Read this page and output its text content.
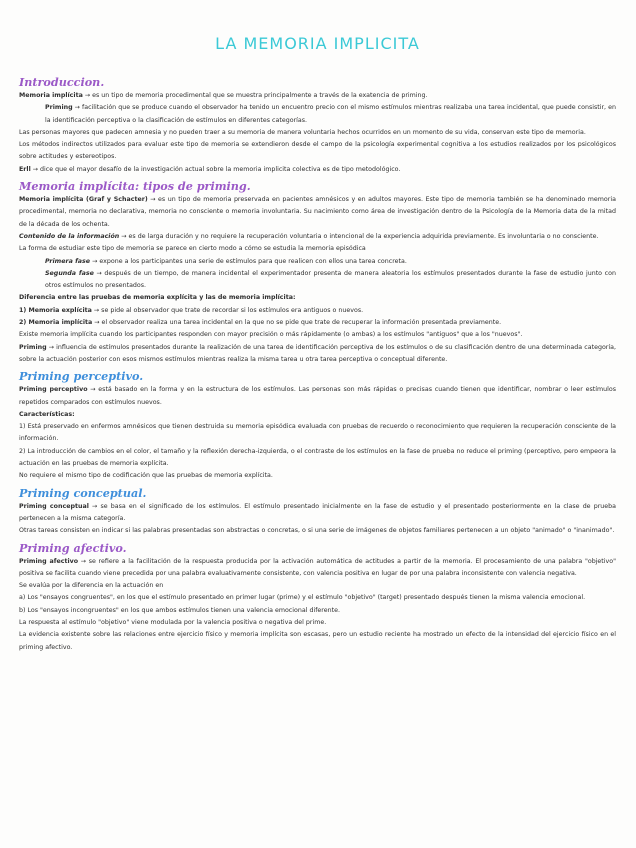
LA MEMORIA IMPLICITA
Introduccion.

Memoria implícita → es un tipo de memoria procedimental que se muestra principalmente a través de la exatencia de priming.

Priming → facilitación que se produce cuando el observador ha tenido un encuentro precio con el mismo estímulos mientras realizaba una tarea incidental, que puede consistir, en la identificación perceptiva o la clasificación de estímulos en diferentes categorías.

Las personas mayores que padecen amnesia y no pueden traer a su memoria de manera voluntaria hechos ocurridos en un momento de su vida, conservan este tipo de memoria.

Los métodos indirectos utilizados para evaluar este tipo de memoria se extendieron desde el campo de la psicología experimental cognitiva a los estudios realizados por los psicológicos sobre actitudes y estereotipos.

Erll → dice que el mayor desafío de la investigación actual sobre la memoria implicita colectiva es de tipo metodológico.

Memoria implícita: tipos de priming.

Memoria implícita (Graf y Schacter) → es un tipo de memoria preservada en pacientes amnésicos y en adultos mayores. Este tipo de memoria también se ha denominado memoria procedimental, memoria no declarativa, memoria no consciente o memoria involuntaria. Su nacimiento como área de investigación dentro de la Psicología de la Memoria data de la mitad de la década de los ochenta.

Contenido de la información → es de larga duración y no requiere la recuperación voluntaria o intencional de la experiencia adquirida previamente. Es involuntaria o no consciente.

La forma de estudiar este tipo de memoria se parece en cierto modo a cómo se estudia la memoria episódica

Primera fase → expone a los participantes una serie de estímulos para que realicen con ellos una tarea concreta.

Segunda fase → después de un tiempo, de manera incidental el experimentador presenta de manera aleatoria los estímulos presentados durante la fase de estudio junto con otros estímulos no presentados.

Diferencia entre las pruebas de memoria explícita y las de memoria implícita:

1) Memoria explícita → se pide al observador que trate de recordar si los estímulos era antiguos o nuevos.

2) Memoria implícita → el observador realiza una tarea incidental en la que no se pide que trate de recuperar la información presentada previamente.

Existe memoria implícita cuando los participantes responden con mayor precisión o más rápidamente (o ambas) a los estímulos "antiguos" que a los "nuevos".

Priming → influencia de estímulos presentados durante la realización de una tarea de identificación perceptiva de los estímulos o de su clasificación dentro de una determinada categoría, sobre la actuación posterior con esos mismos estímulos mientras realiza la misma tarea u otra tarea perceptiva o conceptual diferente.

Priming perceptivo.

Priming perceptivo → está basado en la forma y en la estructura de los estímulos. Las personas son más rápidas o precisas cuando tienen que identificar, nombrar o leer estímulos repetidos comparados con estímulos nuevos.

Características:

1) Está preservado en enfermos amnésicos que tienen destruida su memoria episódica evaluada con pruebas de recuerdo o reconocimiento que requieren la recuperación consciente de la información.

2) La introducción de cambios en el color, el tamaño y la reflexión derecha-izquierda, o el contraste de los estímulos en la fase de prueba no reduce el priming (perceptivo, pero empeora la actuación en las pruebas de memoria explícita.

No requiere el mismo tipo de codificación que las pruebas de memoria explícita.

Priming conceptual.

Priming conceptual → se basa en el significado de los estímulos. El estímulo presentado inicialmente en la fase de estudio y el presentado posteriormente en la clase de prueba pertenecen a la misma categoría.

Otras tareas consisten en indicar si las palabras presentadas son abstractas o concretas, o si una serie de imágenes de objetos familiares pertenecen a un objeto "animado" o "inanimado".

Priming afectivo.

Priming afectivo → se refiere a la facilitación de la respuesta producida por la activación automática de actitudes a partir de la memoria. El procesamiento de una palabra "objetivo" positiva se facilita cuando viene precedida por una palabra evaluativamente consistente, con valencia positiva en lugar de por una palabra inconsistente con valencia negativa.

Se evalúa por la diferencia en la actuación en

a) Los "ensayos congruentes", en los que el estímulo presentado en primer lugar (prime) y el estímulo "objetivo" (target) presentado después tienen la misma valencia emocional.

b) Los "ensayos incongruentes" en los que ambos estímulos tienen una valencia emocional diferente.

La respuesta al estímulo "objetivo" viene modulada por la valencia positiva o negativa del prime.

La evidencia existente sobre las relaciones entre ejercicio físico y memoria implícita son escasas, pero un estudio reciente ha mostrado un efecto de la intensidad del ejercicio físico en el priming afectivo.
